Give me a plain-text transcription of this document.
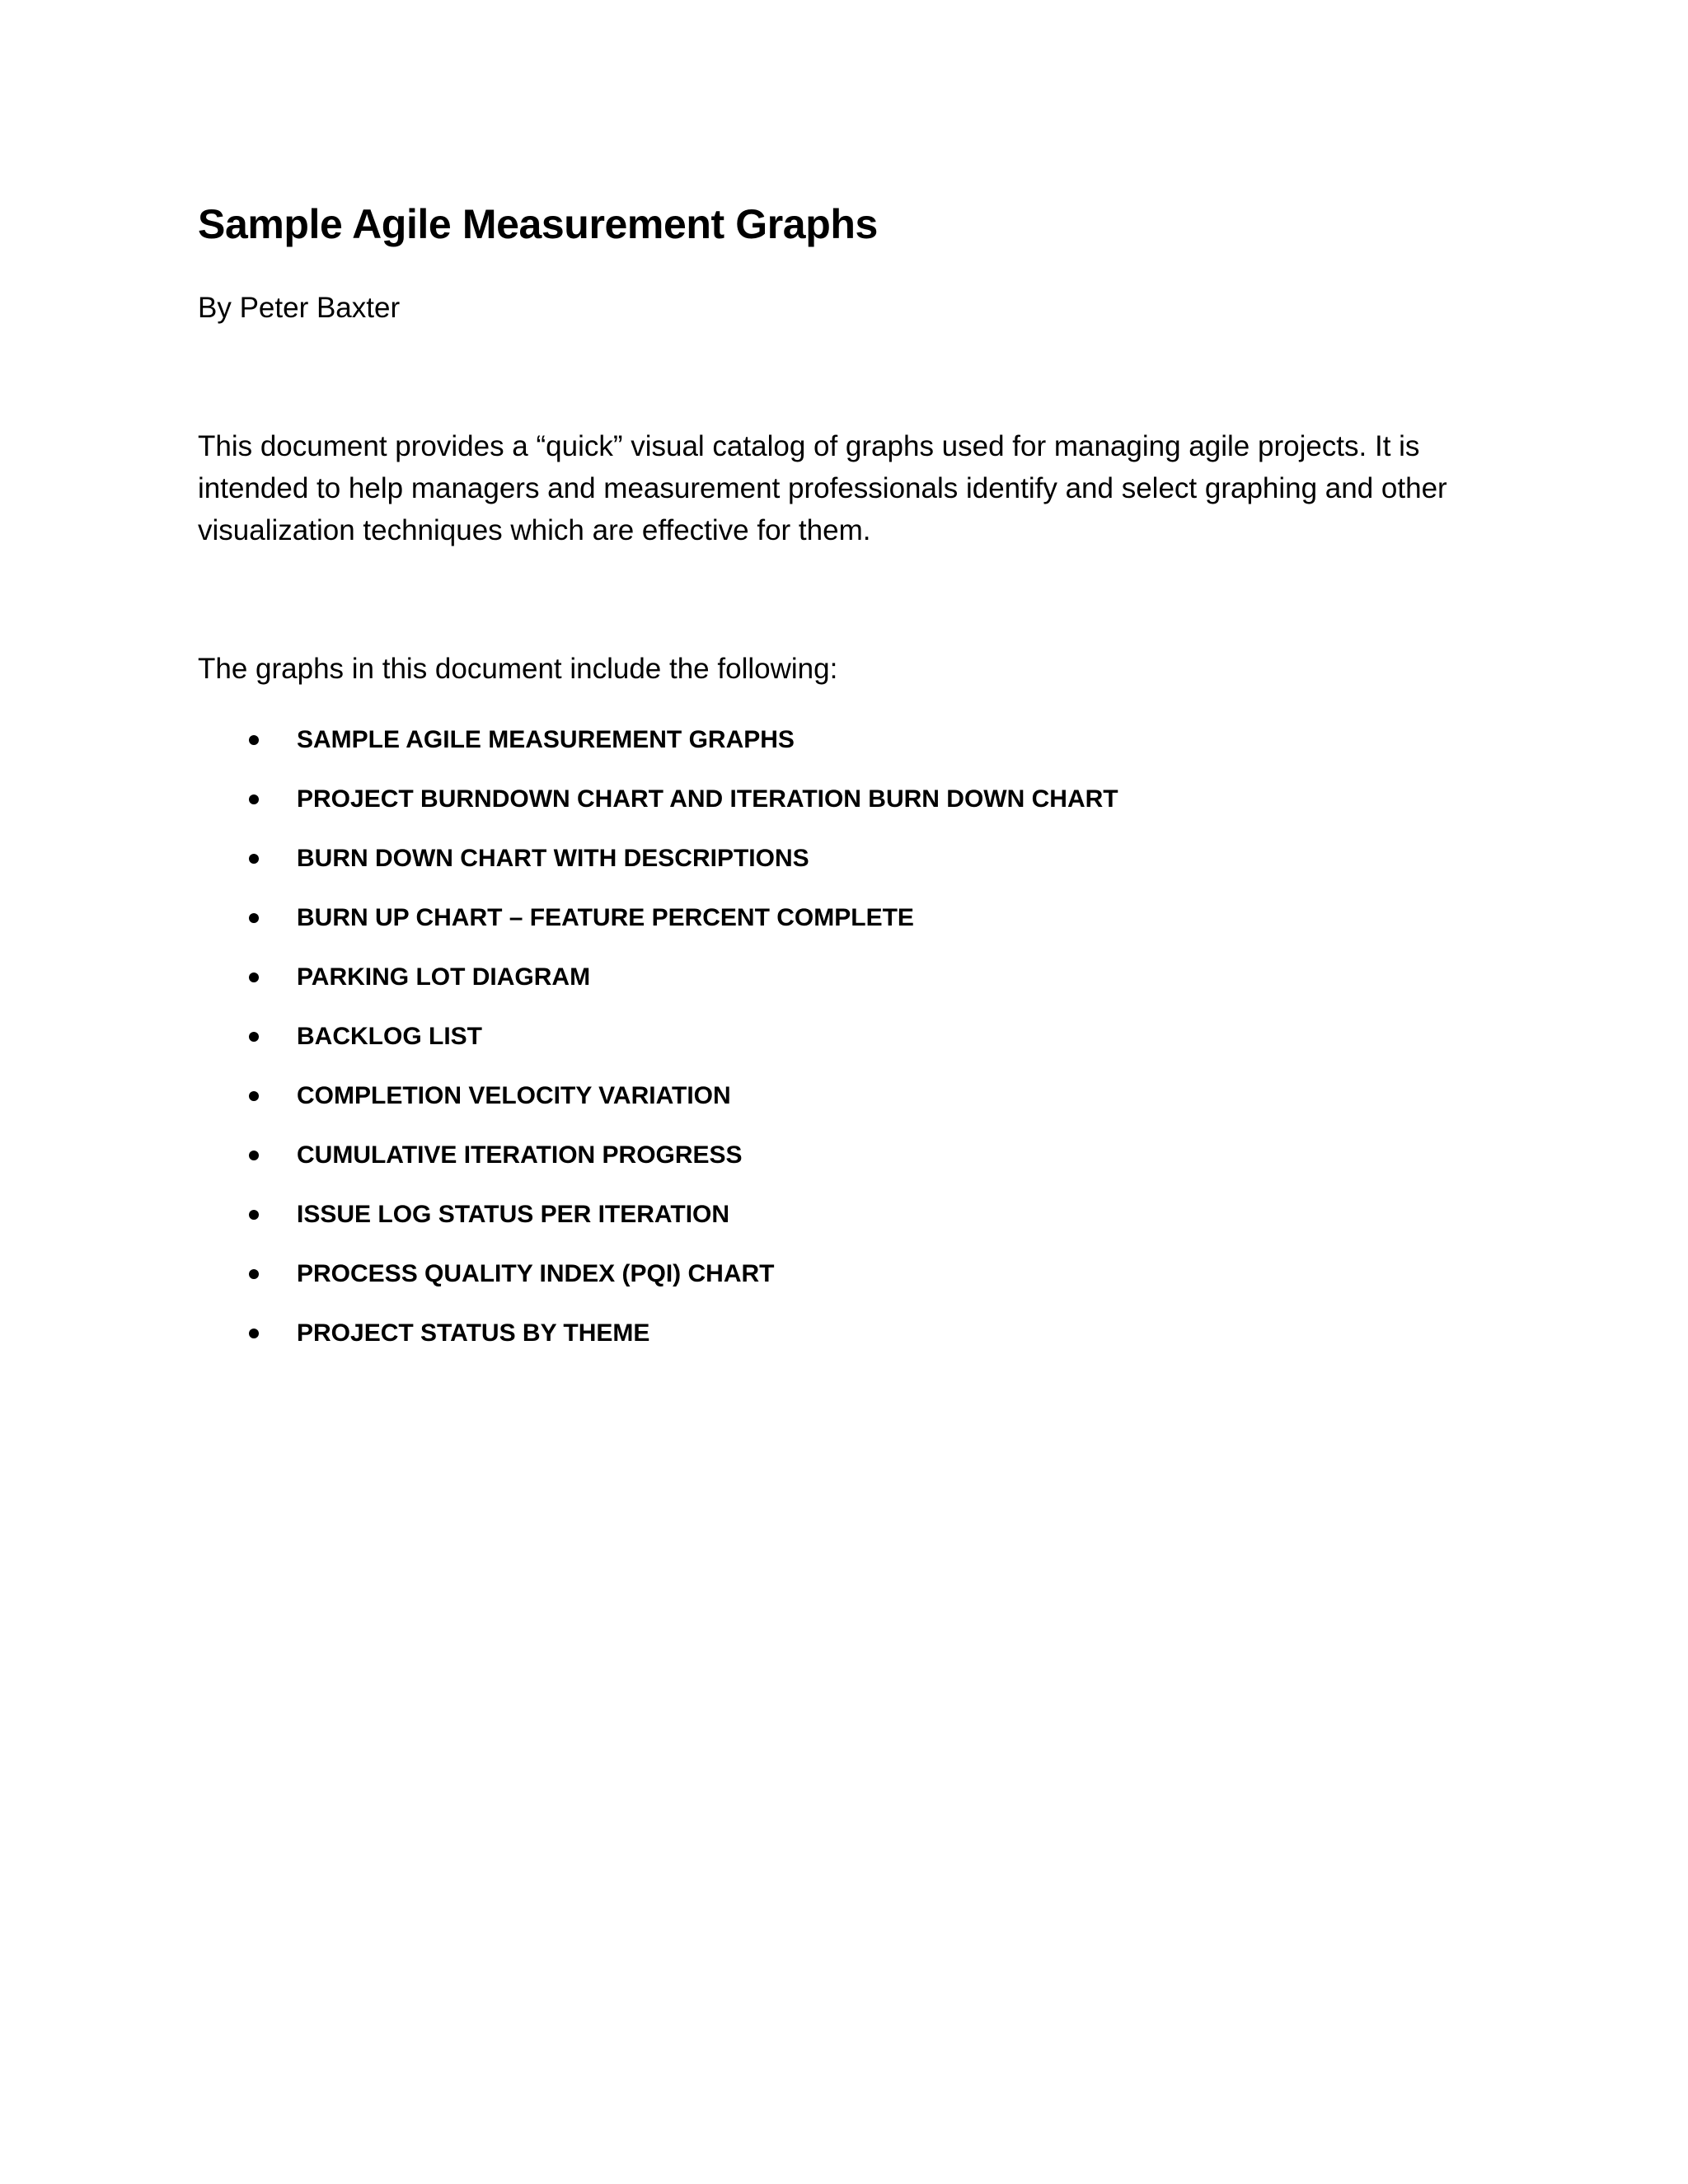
Sample Agile Measurement Graphs

By Peter Baxter

This document provides a “quick” visual catalog of graphs used for managing agile projects. It is
intended to help managers and measurement professionals identify and select graphing and other
visualization techniques which are effective for them.

The graphs in this document include the following:

SAMPLE AGILE MEASUREMENT GRAPHS
PROJECT BURNDOWN CHART AND ITERATION BURN DOWN CHART
BURN DOWN CHART WITH DESCRIPTIONS
BURN UP CHART – FEATURE PERCENT COMPLETE
PARKING LOT DIAGRAM
BACKLOG LIST
COMPLETION VELOCITY VARIATION
CUMULATIVE ITERATION PROGRESS
ISSUE LOG STATUS PER ITERATION
PROCESS QUALITY INDEX (PQI) CHART
PROJECT STATUS BY THEME
